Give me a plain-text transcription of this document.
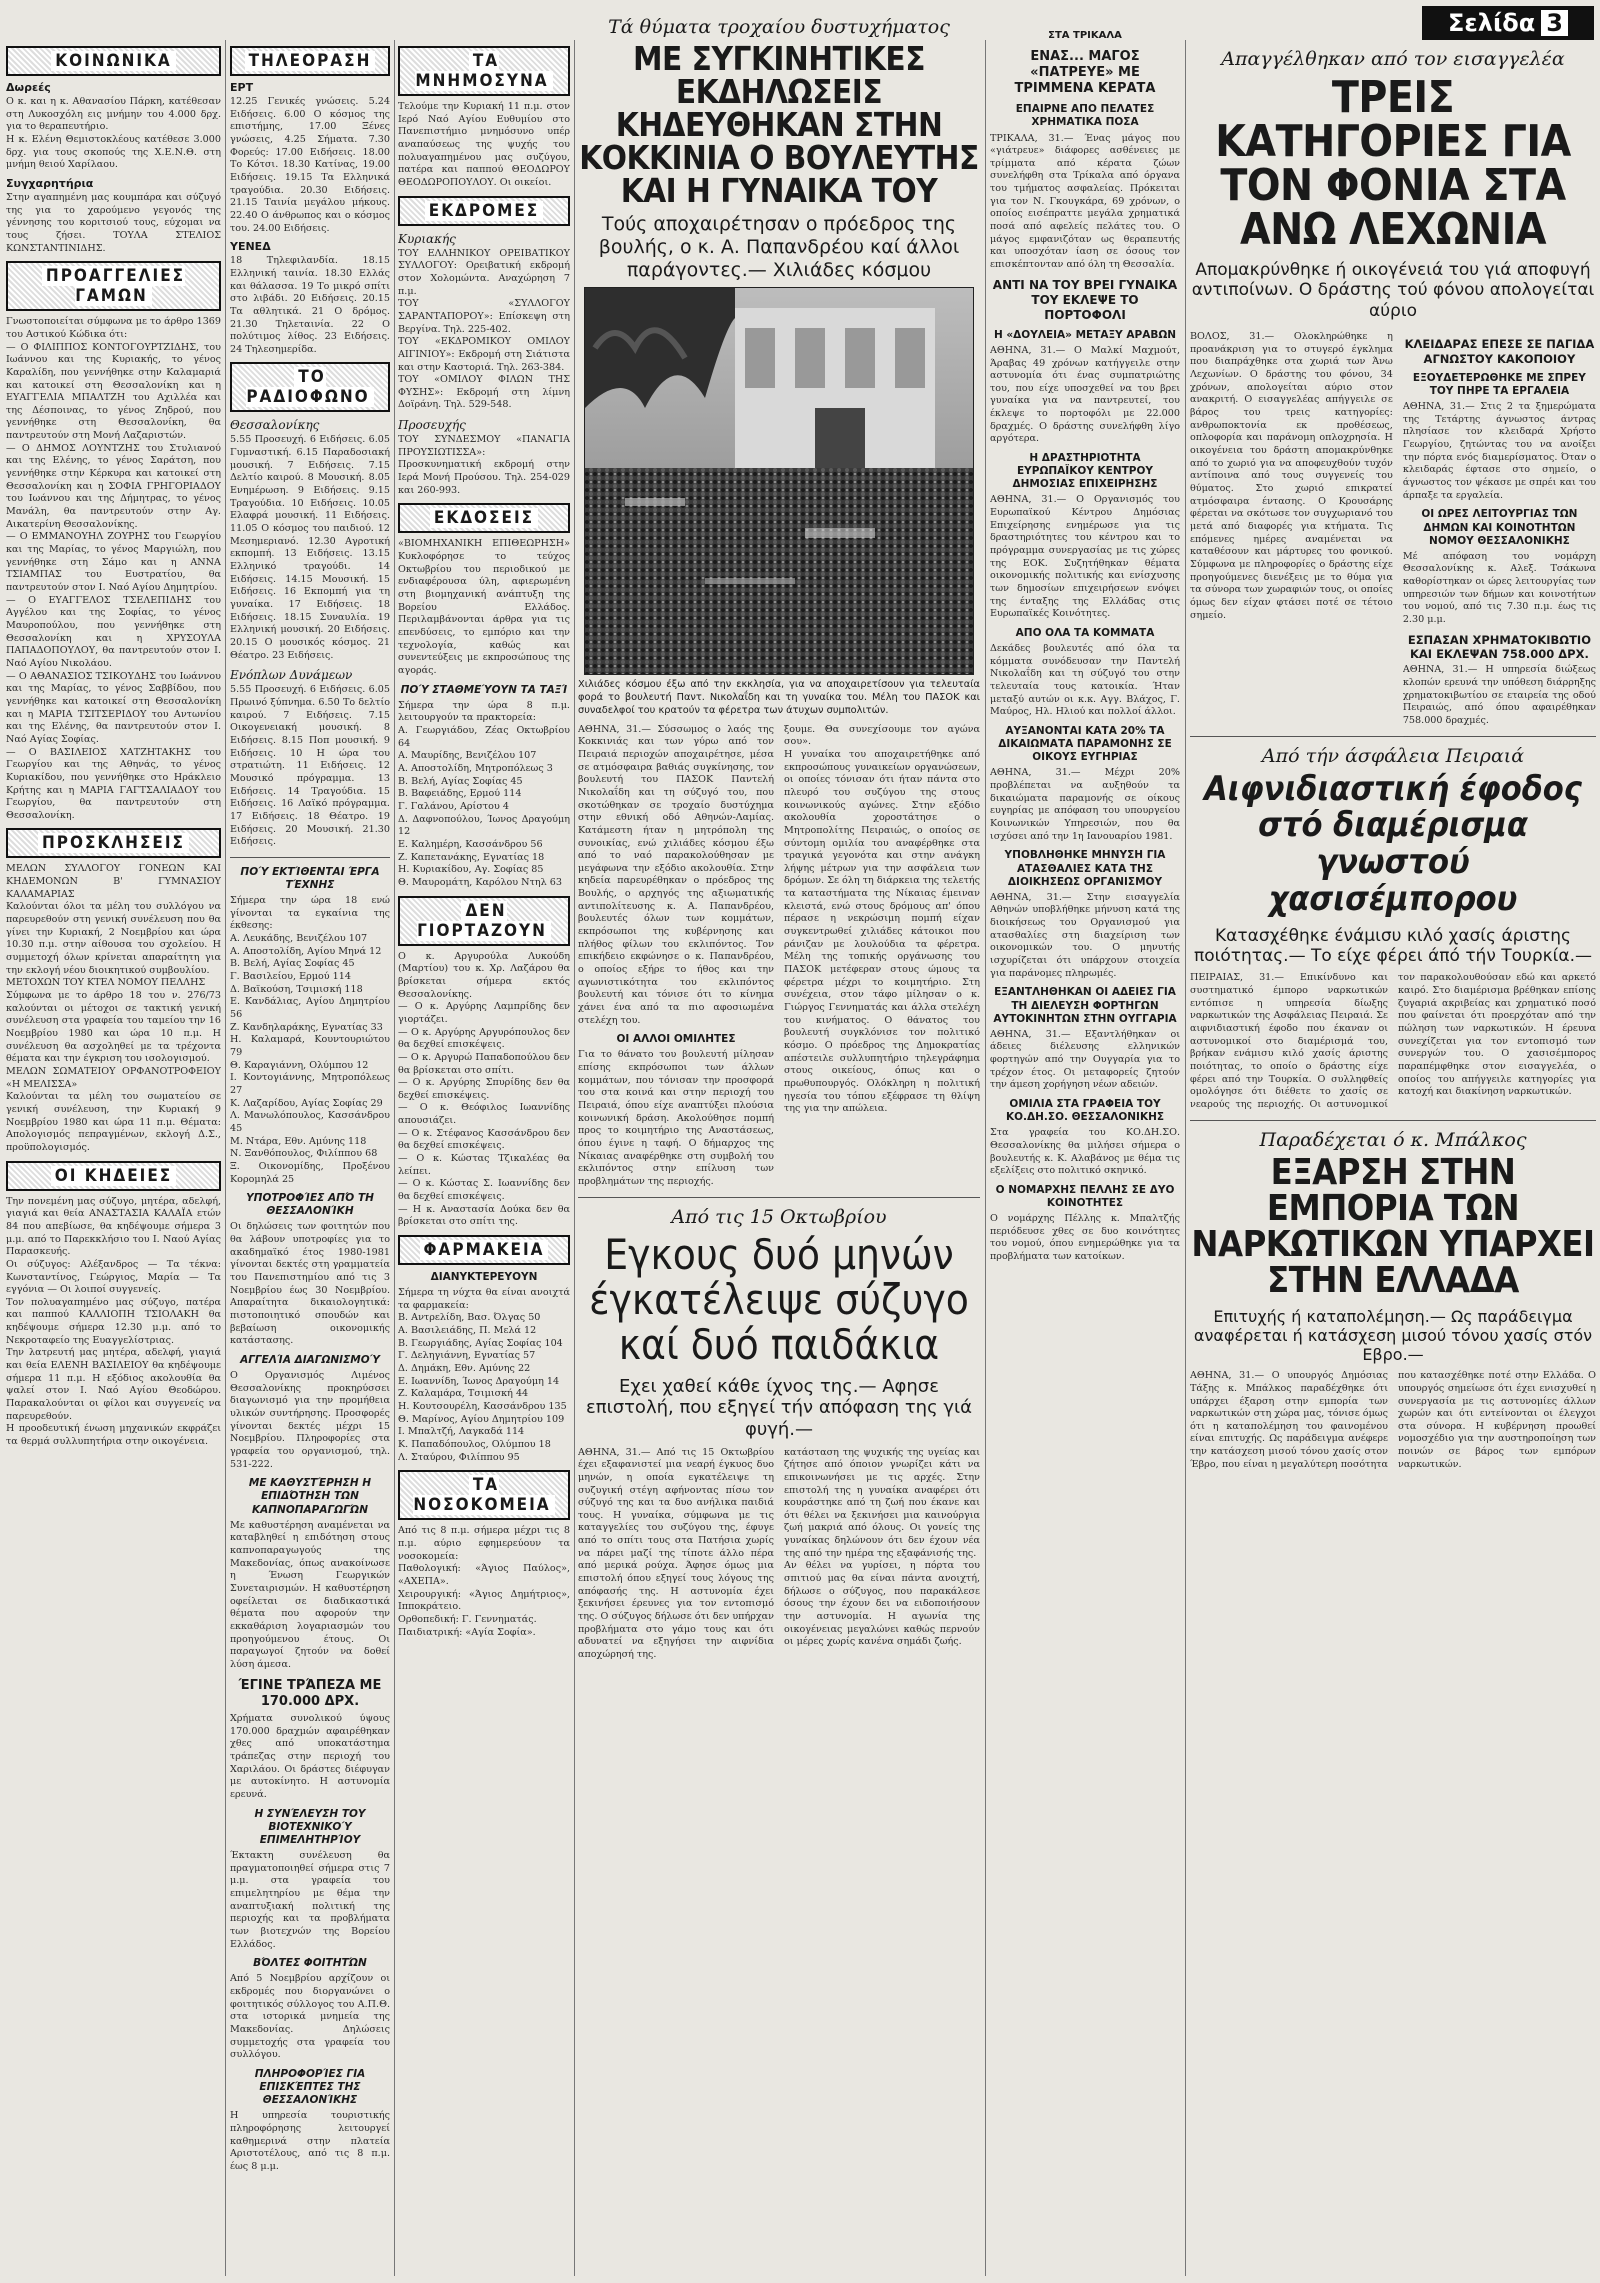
Σελίδα 3
ΚΟΙΝΩΝΙΚΑ
Δωρεές
Ο κ. και η κ. Αθανασίου Πάρκη, κατέθεσαν στη Λυκοσχόλη εις μνήμην του 4.000 δρχ. για το θεραπευτήριο.
Η κ. Ελένη Θεμιστοκλέους κατέθεσε 3.000 δρχ. για τους σκοπούς της Χ.Ε.Ν.Θ. στη μνήμη θειού Χαρίλαου.
Συγχαρητήρια
Στην αγαπημένη μας κουμπάρα και σύζυγό της για το χαρούμενο γεγονός της γέννησης του κοριτσιού τους, εύχομαι να τους ζήσει. ΤΟΥΛΑ ΣΤΕΛΙΟΣ ΚΩΝΣΤΑΝΤΙΝΙΔΗΣ.
ΠΡΟΑΓΓΕΛΙΕΣ ΓΑΜΩΝ
Γνωστοποιείται σύμφωνα με το άρθρο 1369 του Αστικού Κώδικα ότι:
— Ο ΦΙΛΙΠΠΟΣ ΚΟΝΤΟΓΟΥΡΤΖΙΔΗΣ, του Ιωάννου και της Κυριακής, το γένος Καραλίδη, που γεννήθηκε στην Καλαμαριά και κατοικεί στη Θεσσαλονίκη και η ΕΥΑΓΓΕΛΙΑ ΜΠΑΛΤΖΗ του Αχιλλέα και της Δέσποινας, το γένος Ζηδρού, που γεννήθηκε στη Θεσσαλονίκη, θα παντρευτούν στη Μονή Λαζαριστών.
— Ο ΔΗΜΟΣ ΛΟΥΝΤΖΗΣ του Στυλιανού και της Ελένης, το γένος Σαράτση, που γεννήθηκε στην Κέρκυρα και κατοικεί στη Θεσσαλονίκη και η ΣΟΦΙΑ ΓΡΗΓΟΡΙΑΔΟΥ του Ιωάννου και της Δήμητρας, το γένος Μανάλη, θα παντρευτούν στην Αγ. Αικατερίνη Θεσσαλονίκης.
— Ο ΕΜΜΑΝΟΥΗΛ ΖΟΥΡΗΣ του Γεωργίου και της Μαρίας, το γένος Μαργιώλη, που γεννήθηκε στη Σάμο και η ΑΝΝΑ ΤΣΙΑΜΠΑΣ του Ευστρατίου, θα παντρευτούν στον Ι. Ναό Αγίου Δημητρίου.
— Ο ΕΥΑΓΓΕΛΟΣ ΤΣΕΛΕΠΙΔΗΣ του Αγγέλου και της Σοφίας, το γένος Μαυροπούλου, που γεννήθηκε στη Θεσσαλονίκη και η ΧΡΥΣΟΥΛΑ ΠΑΠΑΔΟΠΟΥΛΟΥ, θα παντρευτούν στον Ι. Ναό Αγίου Νικολάου.
— Ο ΑΘΑΝΑΣΙΟΣ ΤΣΙΚΟΥΔΗΣ του Ιωάννου και της Μαρίας, το γένος Σαββίδου, που γεννήθηκε και κατοικεί στη Θεσσαλονίκη και η ΜΑΡΙΑ ΤΣΙΤΣΕΡΙΔΟΥ του Αντωνίου και της Ελένης, θα παντρευτούν στον Ι. Ναό Αγίας Σοφίας.
— Ο ΒΑΣΙΛΕΙΟΣ ΧΑΤΖΗΤΑΚΗΣ του Γεωργίου και της Αθηνάς, το γένος Κυριακίδου, που γεννήθηκε στο Ηράκλειο Κρήτης και η ΜΑΡΙΑ ΓΑΓΤΣΑΛΙΑΔΟΥ του Γεωργίου, θα παντρευτούν στη Θεσσαλονίκη.
ΠΡΟΣΚΛΗΣΕΙΣ
ΜΕΛΩΝ ΣΥΛΛΟΓΟΥ ΓΟΝΕΩΝ ΚΑΙ ΚΗΔΕΜΟΝΩΝ Β' ΓΥΜΝΑΣΙΟΥ ΚΑΛΑΜΑΡΙΑΣ
Καλούνται όλοι τα μέλη του συλλόγου να παρευρεθούν στη γενική συνέλευση που θα γίνει την Κυριακή, 2 Νοεμβρίου και ώρα 10.30 π.μ. στην αίθουσα του σχολείου. Η συμμετοχή όλων κρίνεται απαραίτητη για την εκλογή νέου διοικητικού συμβουλίου.
ΜΕΤΟΧΩΝ ΤΟΥ ΚΤΕΛ ΝΟΜΟΥ ΠΕΛΛΗΣ
Σύμφωνα με το άρθρο 18 του ν. 276/73 καλούνται οι μέτοχοι σε τακτική γενική συνέλευση στα γραφεία του ταμείου την 16 Νοεμβρίου 1980 και ώρα 10 π.μ. Η συνέλευση θα ασχοληθεί με τα τρέχοντα θέματα και την έγκριση του ισολογισμού.
ΜΕΛΩΝ ΣΩΜΑΤΕΙΟΥ ΟΡΦΑΝΟΤΡΟΦΕΙΟΥ «Η ΜΕΛΙΣΣΑ»
Καλούνται τα μέλη του σωματείου σε γενική συνέλευση, την Κυριακή 9 Νοεμβρίου 1980 και ώρα 11 π.μ. Θέματα: Απολογισμός πεπραγμένων, εκλογή Δ.Σ., προϋπολογισμός.
ΟΙ ΚΗΔΕΙΕΣ
Την πονεμένη μας σύζυγο, μητέρα, αδελφή, γιαγιά και θεία ΑΝΑΣΤΑΣΙΑ ΚΑΛΑΪΑ ετών 84 που απεβίωσε, θα κηδέψουμε σήμερα 3 μ.μ. από το Παρεκκλήσιο του Ι. Ναού Αγίας Παρασκευής.
Οι σύζυγος: Αλέξανδρος — Τα τέκνα: Κωνσταντίνος, Γεώργιος, Μαρία — Τα εγγόνια — Οι λοιποί συγγενείς.
Τον πολυαγαπημένο μας σύζυγο, πατέρα και παππού ΚΑΛΛΙΟΠΗ ΤΣΙΟΛΑΚΗ θα κηδέψουμε σήμερα 12.30 μ.μ. από το Νεκροταφείο της Ευαγγελίστριας.
Την λατρευτή μας μητέρα, αδελφή, γιαγιά και θεία ΕΛΕΝΗ ΒΑΣΙΛΕΙΟΥ θα κηδέψουμε σήμερα 11 π.μ. Η εξόδιος ακολουθία θα ψαλεί στον Ι. Ναό Αγίου Θεοδώρου. Παρακαλούνται οι φίλοι και συγγενείς να παρευρεθούν.
Η προοδευτική ένωση μηχανικών εκφράζει τα θερμά συλλυπητήρια στην οικογένεια.
ΤΗΛΕΟΡΑΣΗ
ΕΡΤ
12.25 Γενικές γνώσεις. 5.24 Ειδήσεις. 6.00 Ο κόσμος της επιστήμης, 17.00 Ξένες γνώσεις, 4.25 Σήματα. 7.30 Φορεύς: 17.00 Ειδήσεις. 18.00 Το Κότσι. 18.30 Κατίνας, 19.00 Ειδήσεις. 19.15 Τα Ελληνικά τραγούδια. 20.30 Ειδήσεις. 21.15 Ταινία μεγάλου μήκους. 22.40 Ο άνθρωπος και ο κόσμος του. 24.00 Ειδήσεις.
ΥΕΝΕΔ
18 Τηλεφιλανδία. 18.15 Ελληνική ταινία. 18.30 Ελλάς και θάλασσα. 19 Το μικρό σπίτι στο λιβάδι. 20 Ειδήσεις. 20.15 Τα αθλητικά. 21 Ο δρόμος. 21.30 Τηλεταινία. 22 Ο πολύτιμος λίθος. 23 Ειδήσεις. 24 Τηλεσημερίδα.
ΤΟ ΡΑΔΙΟΦΩΝΟ
Θεσσαλονίκης
5.55 Προσευχή. 6 Ειδήσεις. 6.05 Γυμναστική. 6.15 Παραδοσιακή μουσική. 7 Ειδήσεις. 7.15 Δελτίο καιρού. 8 Μουσική. 8.05 Ενημέρωση. 9 Ειδήσεις. 9.15 Τραγούδια. 10 Ειδήσεις. 10.05 Ελαφρά μουσική. 11 Ειδήσεις. 11.05 Ο κόσμος του παιδιού. 12 Μεσημεριανό. 12.30 Αγροτική εκπομπή. 13 Ειδήσεις. 13.15 Ελληνικό τραγούδι. 14 Ειδήσεις. 14.15 Μουσική. 15 Ειδήσεις. 16 Εκπομπή για τη γυναίκα. 17 Ειδήσεις. 18 Ειδήσεις. 18.15 Συναυλία. 19 Ελληνική μουσική. 20 Ειδήσεις. 20.15 Ο μουσικός κόσμος. 21 Θέατρο. 23 Ειδήσεις.
Ενόπλων Δυνάμεων
5.55 Προσευχή. 6 Ειδήσεις. 6.05 Πρωινό ξύπνημα. 6.50 Το δελτίο καιρού. 7 Ειδήσεις. 7.15 Οικογενειακή μουσική. 8 Ειδήσεις. 8.15 Ποπ μουσική. 9 Ειδήσεις. 10 Η ώρα του στρατιώτη. 11 Ειδήσεις. 12 Μουσικό πρόγραμμα. 13 Ειδήσεις. 14 Τραγούδια. 15 Ειδήσεις. 16 Λαϊκό πρόγραμμα. 17 Ειδήσεις. 18 Θέατρο. 19 Ειδήσεις. 20 Μουσική. 21.30 Ειδήσεις.
ΠΟΎ ΕΚΤΊΘΕΝΤΑΙ ΈΡΓΑ ΤΈΧΝΗΣ
Σήμερα την ώρα 18 ενώ γίνονται τα εγκαίνια της έκθεσης:
Α. Λευκάδης, Βενιζέλου 107
Α. Αποστολίδη, Αγίου Μηνά 12
Β. Βελή, Αγίας Σοφίας 45
Γ. Βασιλείου, Ερμού 114
Δ. Βαϊκούση, Τσιμισκή 118
Ε. Κανδάλιας, Αγίου Δημητρίου 56
Ζ. Κανδηλαράκης, Εγνατίας 33
Η. Καλαμαρά, Κουντουριώτου 79
Θ. Καραγιάννη, Ολύμπου 12
Ι. Κοντογιάννης, Μητροπόλεως 27
Κ. Λαζαρίδου, Αγίας Σοφίας 29
Λ. Μανωλόπουλος, Κασσάνδρου 45
Μ. Ντάρα, Εθν. Αμύνης 118
Ν. Ξανθόπουλος, Φιλίππου 68
Ξ. Οικονομίδης, Προξένου Κορομηλά 25
ΥΠΟΤΡΟΦΊΕΣ ΑΠΌ ΤΗ ΘΕΣΣΑΛΟΝΊΚΗ
Οι δηλώσεις των φοιτητών που θα λάβουν υποτροφίες για το ακαδημαϊκό έτος 1980-1981 γίνονται δεκτές στη γραμματεία του Πανεπιστημίου από τις 3 Νοεμβρίου έως 30 Νοεμβρίου. Απαραίτητα δικαιολογητικά: πιστοποιητικό σπουδών και βεβαίωση οικονομικής κατάστασης.
ΑΓΓΕΛΊΑ ΔΙΑΓΩΝΙΣΜΟΎ
Ο Οργανισμός Λιμένος Θεσσαλονίκης προκηρύσσει διαγωνισμό για την προμήθεια υλικών συντήρησης. Προσφορές γίνονται δεκτές μέχρι 15 Νοεμβρίου. Πληροφορίες στα γραφεία του οργανισμού, τηλ. 531-222.
ΜΕ ΚΑΘΥΣΤΈΡΗΣΗ Η ΕΠΙΔΌΤΗΣΗ ΤΩΝ ΚΑΠΝΟΠΑΡΑΓΩΓΏΝ
Με καθυστέρηση αναμένεται να καταβληθεί η επιδότηση στους καπνοπαραγωγούς της Μακεδονίας, όπως ανακοίνωσε η Ένωση Γεωργικών Συνεταιρισμών. Η καθυστέρηση οφείλεται σε διαδικαστικά θέματα που αφορούν την εκκαθάριση λογαριασμών του προηγούμενου έτους. Οι παραγωγοί ζητούν να δοθεί λύση άμεσα.
ΈΓΙΝΕ ΤΡΆΠΕΖΑ ΜΕ 170.000 ΔΡΧ.
Χρήματα συνολικού ύψους 170.000 δραχμών αφαιρέθηκαν χθες από υποκατάστημα τράπεζας στην περιοχή του Χαριλάου. Οι δράστες διέφυγαν με αυτοκίνητο. Η αστυνομία ερευνά.
Η ΣΥΝΈΛΕΥΣΗ ΤΟΥ ΒΙΟΤΕΧΝΙΚΟΎ ΕΠΙΜΕΛΗΤΗΡΊΟΥ
Έκτακτη συνέλευση θα πραγματοποιηθεί σήμερα στις 7 μ.μ. στα γραφεία του επιμελητηρίου με θέμα την αναπτυξιακή πολιτική της περιοχής και τα προβλήματα των βιοτεχνών της Βορείου Ελλάδος.
ΒΌΛΤΕΣ ΦΟΙΤΗΤΏΝ
Από 5 Νοεμβρίου αρχίζουν οι εκδρομές που διοργανώνει ο φοιτητικός σύλλογος του Α.Π.Θ. στα ιστορικά μνημεία της Μακεδονίας. Δηλώσεις συμμετοχής στα γραφεία του συλλόγου.
ΠΛΗΡΟΦΟΡΊΕΣ ΓΙΑ ΕΠΙΣΚΈΠΤΕΣ ΤΗΣ ΘΕΣΣΑΛΟΝΊΚΗΣ
Η υπηρεσία τουριστικής πληροφόρησης λειτουργεί καθημερινά στην πλατεία Αριστοτέλους, από τις 8 π.μ. έως 8 μ.μ.
ΤΑ ΜΝΗΜΟΣΥΝΑ
Τελούμε την Κυριακή 11 π.μ. στον Ιερό Ναό Αγίου Ευθυμίου στο Πανεπιστήμιο μνημόσυνο υπέρ αναπαύσεως της ψυχής του πολυαγαπημένου μας συζύγου, πατέρα και παππού ΘΕΟΔΩΡΟΥ ΘΕΟΔΩΡΟΠΟΥΛΟΥ. Οι οικείοι.
ΕΚΔΡΟΜΕΣ
Κυριακής
ΤΟΥ ΕΛΛΗΝΙΚΟΥ ΟΡΕΙΒΑΤΙΚΟΥ ΣΥΛΛΟΓΟΥ: Ορειβατική εκδρομή στον Χολομώντα. Αναχώρηση 7 π.μ.
ΤΟΥ «ΣΥΛΛΟΓΟΥ ΣΑΡΑΝΤΑΠΟΡΟΥ»: Επίσκεψη στη Βεργίνα. Τηλ. 225-402.
ΤΟΥ «ΕΚΔΡΟΜΙΚΟΥ ΟΜΙΛΟΥ ΑΙΓΙΝΙΟΥ»: Εκδρομή στη Σιάτιστα και στην Καστοριά. Τηλ. 263-384.
ΤΟΥ «ΟΜΙΛΟΥ ΦΙΛΩΝ ΤΗΣ ΦΥΣΗΣ»: Εκδρομή στη λίμνη Δοϊράνη. Τηλ. 529-548.
Προσευχής
ΤΟΥ ΣΥΝΔΕΣΜΟΥ «ΠΑΝΑΓΙΑ ΠΡΟΥΣΙΩΤΙΣΣΑ»: Προσκυνηματική εκδρομή στην Ιερά Μονή Προύσου. Τηλ. 254-029 και 260-993.
ΕΚΔΟΣΕΙΣ
«ΒΙΟΜΗΧΑΝΙΚΗ ΕΠΙΘΕΩΡΗΣΗ» Κυκλοφόρησε το τεύχος Οκτωβρίου του περιοδικού με ενδιαφέρουσα ύλη, αφιερωμένη στη βιομηχανική ανάπτυξη της Βορείου Ελλάδος. Περιλαμβάνονται άρθρα για τις επενδύσεις, το εμπόριο και την τεχνολογία, καθώς και συνεντεύξεις με εκπροσώπους της αγοράς.
ΠΟΎ ΣΤΑΘΜΕΎΟΥΝ ΤΑ ΤΑΞΊ
Σήμερα την ώρα 8 π.μ. λειτουργούν τα πρακτορεία:
Α. Γεωργιάδου, Ζέας Οκτωβρίου 64
Α. Μαυρίδης, Βενιζέλου 107
Α. Αποστολίδη, Μητροπόλεως 3
Β. Βελή, Αγίας Σοφίας 45
Β. Βαφειάδης, Ερμού 114
Γ. Γαλάνου, Αρίστου 4
Δ. Δαφνοπούλου, Ίωνος Δραγούμη 12
Ε. Καλημέρη, Κασσάνδρου 56
Ζ. Καπετανάκης, Εγνατίας 18
Η. Κυριακίδου, Αγ. Σοφίας 85
Θ. Μαυρομάτη, Καρόλου Ντηλ 63
ΔΕΝ ΓΙΟΡΤΑΖΟΥΝ
Ο κ. Αργυρούλα Λυκούδη (Μαρτίου) του κ. Χρ. Λαζάρου θα βρίσκεται σήμερα εκτός Θεσσαλονίκης.
— Ο κ. Αργύρης Λαμπρίδης δεν γιορτάζει.
— Ο κ. Αργύρης Αργυρόπουλος δεν θα δεχθεί επισκέψεις.
— Ο κ. Αργυρώ Παπαδοπούλου δεν θα βρίσκεται στο σπίτι.
— Ο κ. Αργύρης Σπυρίδης δεν θα δεχθεί επισκέψεις.
— Ο κ. Θεόφιλος Ιωαννίδης απουσιάζει.
— Ο κ. Στέφανος Κασσάνδρου δεν θα δεχθεί επισκέψεις.
— Ο κ. Κώστας Τζικαλέας θα λείπει.
— Ο κ. Κώστας Σ. Ιωαννίδης δεν θα δεχθεί επισκέψεις.
— Η κ. Αναστασία Δούκα δεν θα βρίσκεται στο σπίτι της.
ΦΑΡΜΑΚΕΙΑ
ΔΙΑΝΥΚΤΕΡΕΥΟΥΝ
Σήμερα τη νύχτα θα είναι ανοιχτά τα φαρμακεία:
Β. Αντρελίδη, Βασ. Όλγας 50
Α. Βασιλειάδης, Π. Μελά 12
Β. Γεωργιάδης, Αγίας Σοφίας 104
Γ. Δεληγιάννη, Εγνατίας 57
Δ. Δημάκη, Εθν. Αμύνης 22
Ε. Ιωαννίδη, Ίωνος Δραγούμη 14
Ζ. Καλαμάρα, Τσιμισκή 44
Η. Κουτσουρέλη, Κασσάνδρου 135
Θ. Μαρίνος, Αγίου Δημητρίου 109
Ι. Μπαλτζή, Λαγκαδά 114
Κ. Παπαδόπουλος, Ολύμπου 18
Λ. Σταύρου, Φιλίππου 95
ΤΑ ΝΟΣΟΚΟΜΕΙΑ
Από τις 8 π.μ. σήμερα μέχρι τις 8 π.μ. αύριο εφημερεύουν τα νοσοκομεία:
Παθολογική: «Άγιος Παύλος», «ΑΧΕΠΑ».
Χειρουργική: «Άγιος Δημήτριος», Ιπποκράτειο.
Ορθοπεδική: Γ. Γεννηματάς.
Παιδιατρική: «Αγία Σοφία».
Τά θύματα τροχαίου δυστυχήματος
ΜΕ ΣΥΓΚΙΝΗΤΙΚΕΣ ΕΚΔΗΛΩΣΕΙΣ ΚΗΔΕΥΘΗΚΑΝ ΣΤΗΝ ΚΟΚΚΙΝΙΑ Ο ΒΟΥΛΕΥΤΗΣ ΚΑΙ Η ΓΥΝΑΙΚΑ ΤΟΥ
Τούς αποχαιρέτησαν ο πρόεδρος της βουλής, ο κ. Α. Παπανδρέου καί άλλοι παράγοντες.— Χιλιάδες κόσμου
Χιλιάδες κόσμου έξω από την εκκλησία, για να αποχαιρετίσουν για τελευταία φορά το βουλευτή Παντ. Νικολαΐδη και τη γυναίκα του. Μέλη του ΠΑΣΟΚ και συναδελφοί του κρατούν τα φέρετρα των άτυχων συμπολιτών.
ΑΘΗΝΑ, 31.— Σύσσωμος ο λαός της Κοκκινιάς και των γύρω από τον Πειραιά περιοχών αποχαιρέτησε, μέσα σε ατμόσφαιρα βαθιάς συγκίνησης, τον βουλευτή του ΠΑΣΟΚ Παντελή Νικολαΐδη και τη σύζυγό του, που σκοτώθηκαν σε τροχαίο δυστύχημα στην εθνική οδό Αθηνών-Λαμίας. Κατάμεστη ήταν η μητρόπολη της συνοικίας, ενώ χιλιάδες κόσμου έξω από το ναό παρακολούθησαν με μεγάφωνα την εξόδιο ακολουθία. Στην κηδεία παρευρέθηκαν ο πρόεδρος της Βουλής, ο αρχηγός της αξιωματικής αντιπολίτευσης κ. Α. Παπανδρέου, βουλευτές όλων των κομμάτων, εκπρόσωποι της κυβέρνησης και πλήθος φίλων του εκλιπόντος. Τον επικήδειο εκφώνησε ο κ. Παπανδρέου, ο οποίος εξήρε το ήθος και την αγωνιστικότητα του εκλιπόντος βουλευτή και τόνισε ότι το κίνημα χάνει ένα από τα πιο αφοσιωμένα στελέχη του.
ΟΙ ΑΛΛΟΙ ΟΜΙΛΗΤΕΣ
Για το θάνατο του βουλευτή μίλησαν επίσης εκπρόσωποι των άλλων κομμάτων, που τόνισαν την προσφορά του στα κοινά και στην περιοχή του Πειραιά, όπου είχε αναπτύξει πλούσια κοινωνική δράση. Ακολούθησε πομπή προς το κοιμητήριο της Αναστάσεως, όπου έγινε η ταφή. Ο δήμαρχος της Νίκαιας αναφέρθηκε στη συμβολή του εκλιπόντος στην επίλυση των προβλημάτων της περιοχής.
ξουμε. Θα συνεχίσουμε τον αγώνα σου».
Η γυναίκα του αποχαιρετήθηκε από εκπροσώπους γυναικείων οργανώσεων, οι οποίες τόνισαν ότι ήταν πάντα στο πλευρό του συζύγου της στους κοινωνικούς αγώνες. Στην εξόδιο ακολουθία χοροστάτησε ο Μητροπολίτης Πειραιώς, ο οποίος σε σύντομη ομιλία του αναφέρθηκε στα τραγικά γεγονότα και στην ανάγκη λήψης μέτρων για την ασφάλεια των δρόμων. Σε όλη τη διάρκεια της τελετής τα καταστήματα της Νίκαιας έμειναν κλειστά, ενώ στους δρόμους απ' όπου πέρασε η νεκρώσιμη πομπή είχαν συγκεντρωθεί χιλιάδες κάτοικοι που ράνιζαν με λουλούδια τα φέρετρα. Μέλη της τοπικής οργάνωσης του ΠΑΣΟΚ μετέφεραν στους ώμους τα φέρετρα μέχρι το κοιμητήριο. Στη συνέχεια, στον τάφο μίλησαν ο κ. Γιώργος Γεννηματάς και άλλα στελέχη του κινήματος. Ο θάνατος του βουλευτή συγκλόνισε τον πολιτικό κόσμο. Ο πρόεδρος της Δημοκρατίας απέστειλε συλλυπητήριο τηλεγράφημα στους οικείους, όπως και ο πρωθυπουργός. Ολόκληρη η πολιτική ηγεσία του τόπου εξέφρασε τη θλίψη της για την απώλεια.
Από τις 15 Οκτωβρίου
Εγκους δυό μηνών έγκατέλειψε σύζυγο καί δυό παιδάκια
Εχει χαθεί κάθε ίχνος της.— Αφησε επιστολή, που εξηγεί τήν απόφαση της γιά φυγή.—
ΑΘΗΝΑ, 31.— Από τις 15 Οκτωβρίου έχει εξαφανιστεί μια νεαρή έγκυος δυο μηνών, η οποία εγκατέλειψε τη συζυγική στέγη αφήνοντας πίσω τον σύζυγό της και τα δυο ανήλικα παιδιά τους. Η γυναίκα, σύμφωνα με τις καταγγελίες του συζύγου της, έφυγε από το σπίτι τους στα Πατήσια χωρίς να πάρει μαζί της τίποτε άλλο πέρα από μερικά ρούχα. Άφησε όμως μια επιστολή όπου εξηγεί τους λόγους της απόφασής της. Η αστυνομία έχει ξεκινήσει έρευνες για τον εντοπισμό της. Ο σύζυγος δήλωσε ότι δεν υπήρχαν προβλήματα στο γάμο τους και ότι αδυνατεί να εξηγήσει την αιφνίδια αποχώρησή της.
κατάσταση της ψυχικής της υγείας και ζήτησε από όποιον γνωρίζει κάτι να επικοινωνήσει με τις αρχές. Στην επιστολή της η γυναίκα αναφέρει ότι κουράστηκε από τη ζωή που έκανε και ότι θέλει να ξεκινήσει μια καινούργια ζωή μακριά από όλους. Οι γονείς της γυναίκας δηλώνουν ότι δεν έχουν νέα της από την ημέρα της εξαφάνισής της.
Αν θέλει να γυρίσει, η πόρτα του σπιτιού μας θα είναι πάντα ανοιχτή, δήλωσε ο σύζυγος, που παρακάλεσε όσους την έχουν δει να ειδοποιήσουν την αστυνομία. Η αγωνία της οικογένειας μεγαλώνει καθώς περνούν οι μέρες χωρίς κανένα σημάδι ζωής.
ΣΤΑ ΤΡΙΚΑΛΑ
ΕΝΑΣ... ΜΑΓΟΣ «ΠΑΤΡΕΥΕ» ΜΕ ΤΡΙΜΜΕΝΑ ΚΕΡΑΤΑ
ΕΠΑΙΡΝΕ ΑΠΟ ΠΕΛΑΤΕΣ ΧΡΗΜΑΤΙΚΑ ΠΟΣΑ
ΤΡΙΚΑΛΑ, 31.— Ένας μάγος που «γιάτρευε» διάφορες ασθένειες με τρίμματα από κέρατα ζώων συνελήφθη στα Τρίκαλα από όργανα του τμήματος ασφαλείας. Πρόκειται για τον Ν. Γκουγκάρα, 69 χρόνων, ο οποίος εισέπραττε μεγάλα χρηματικά ποσά από αφελείς πελάτες του. Ο μάγος εμφανιζόταν ως θεραπευτής και υποσχόταν ίαση σε όσους τον επισκέπτονταν από όλη τη Θεσσαλία.
ΑΝΤΙ ΝΑ ΤΟΥ ΒΡΕΙ ΓΥΝΑΙΚΑ ΤΟΥ ΕΚΛΕΨΕ ΤΟ ΠΟΡΤΟΦΟΛΙ
Η «ΔΟΥΛΕΙΑ» ΜΕΤΑΞΥ ΑΡΑΒΩΝ
ΑΘΗΝΑ, 31.— Ο Μαλκί Μαχμούτ, Άραβας 49 χρόνων κατήγγειλε στην αστυνομία ότι ένας συμπατριώτης του, που είχε υποσχεθεί να του βρει γυναίκα για να παντρευτεί, του έκλεψε το πορτοφόλι με 22.000 δραχμές. Ο δράστης συνελήφθη λίγο αργότερα.
Η ΔΡΑΣΤΗΡΙΟΤΗΤΑ ΕΥΡΩΠΑΪΚΟΥ ΚΕΝΤΡΟΥ ΔΗΜΟΣΙΑΣ ΕΠΙΧΕΙΡΗΣΗΣ
ΑΘΗΝΑ, 31.— Ο Οργανισμός του Ευρωπαϊκού Κέντρου Δημόσιας Επιχείρησης ενημέρωσε για τις δραστηριότητες του κέντρου και το πρόγραμμα συνεργασίας με τις χώρες της ΕΟΚ. Συζητήθηκαν θέματα οικονομικής πολιτικής και ενίσχυσης των δημοσίων επιχειρήσεων ενόψει της ένταξης της Ελλάδας στις Ευρωπαϊκές Κοινότητες.
ΑΠΟ ΟΛΑ ΤΑ ΚΟΜΜΑΤΑ
Δεκάδες βουλευτές από όλα τα κόμματα συνόδευσαν την Παντελή Νικολαΐδη και τη σύζυγό του στην τελευταία τους κατοικία. Ήταν μεταξύ αυτών οι κ.κ. Αγγ. Βλάχος, Γ. Μαύρος, Ηλ. Ηλιού και πολλοί άλλοι.
ΑΥΞΑΝΟΝΤΑΙ ΚΑΤΑ 20% ΤΑ ΔΙΚΑΙΩΜΑΤΑ ΠΑΡΑΜΟΝΗΣ ΣΕ ΟΙΚΟΥΣ ΕΥΓΗΡΙΑΣ
ΑΘΗΝΑ, 31.— Μέχρι 20% προβλέπεται να αυξηθούν τα δικαιώματα παραμονής σε οίκους ευγηρίας με απόφαση του υπουργείου Κοινωνικών Υπηρεσιών, που θα ισχύσει από την 1η Ιανουαρίου 1981.
ΥΠΟΒΛΗΘΗΚΕ ΜΗΝΥΣΗ ΓΙΑ ΑΤΑΣΘΑΛΙΕΣ ΚΑΤΑ ΤΗΣ ΔΙΟΙΚΗΣΕΩΣ ΟΡΓΑΝΙΣΜΟΥ
ΑΘΗΝΑ, 31.— Στην εισαγγελία Αθηνών υποβλήθηκε μήνυση κατά της διοικήσεως του Οργανισμού για ατασθαλίες στη διαχείριση των οικονομικών του. Ο μηνυτής ισχυρίζεται ότι υπάρχουν στοιχεία για παράνομες πληρωμές.
ΕΞΑΝΤΛΗΘΗΚΑΝ ΟΙ ΑΔΕΙΕΣ ΓΙΑ ΤΗ ΔΙΕΛΕΥΣΗ ΦΟΡΤΗΓΩΝ ΑΥΤΟΚΙΝΗΤΩΝ ΣΤΗΝ ΟΥΓΓΑΡΙΑ
ΑΘΗΝΑ, 31.— Εξαντλήθηκαν οι άδειες διέλευσης ελληνικών φορτηγών από την Ουγγαρία για το τρέχον έτος. Οι μεταφορείς ζητούν την άμεση χορήγηση νέων αδειών.
ΟΜΙΛΙΑ ΣΤΑ ΓΡΑΦΕΙΑ ΤΟΥ ΚΟ.ΔΗ.ΣΟ. ΘΕΣΣΑΛΟΝΙΚΗΣ
Στα γραφεία του ΚΟ.ΔΗ.ΣΟ. Θεσσαλονίκης θα μιλήσει σήμερα ο βουλευτής κ. Κ. Αλαβάνος με θέμα τις εξελίξεις στο πολιτικό σκηνικό.
Ο ΝΟΜΑΡΧΗΣ ΠΕΛΛΗΣ ΣΕ ΔΥΟ ΚΟΙΝΟΤΗΤΕΣ
Ο νομάρχης Πέλλης κ. Μπαλτζής περιόδευσε χθες σε δυο κοινότητες του νομού, όπου ενημερώθηκε για τα προβλήματα των κατοίκων.
Απαγγέλθηκαν από τον εισαγγελέα
ΤΡΕΙΣ ΚΑΤΗΓΟΡΙΕΣ ΓΙΑ ΤΟΝ ΦΟΝΙΑ ΣΤΑ ΑΝΩ ΛΕΧΩΝΙΑ
Απομακρύνθηκε ή οικογένειά του γιά αποφυγή αντιποίνων. Ο δράστης τού φόνου απολογείται αύριο
ΒΟΛΟΣ, 31.— Ολοκληρώθηκε η προανάκριση για το στυγερό έγκλημα που διαπράχθηκε στα χωριά των Άνω Λεχωνίων. Ο δράστης του φόνου, 34 χρόνων, απολογείται αύριο στον ανακριτή. Ο εισαγγελέας απήγγειλε σε βάρος του τρεις κατηγορίες: ανθρωποκτονία εκ προθέσεως, οπλοφορία και παράνομη οπλοχρησία. Η οικογένεια του δράστη απομακρύνθηκε από το χωριό για να αποφευχθούν τυχόν αντίποινα από τους συγγενείς του θύματος. Στο χωριό επικρατεί ατμόσφαιρα έντασης. Ο Κρουσάρης φέρεται να σκότωσε τον συγχωριανό του μετά από διαφορές για κτήματα. Τις επόμενες ημέρες αναμένεται να καταθέσουν και μάρτυρες του φονικού. Σύμφωνα με πληροφορίες ο δράστης είχε προηγούμενες διενέξεις με το θύμα για τα σύνορα των χωραφιών τους, οι οποίες όμως δεν είχαν φτάσει ποτέ σε τέτοιο σημείο.
ΚΛΕΙΔΑΡΑΣ ΕΠΕΣΕ ΣΕ ΠΑΓΙΔΑ ΑΓΝΩΣΤΟΥ ΚΑΚΟΠΟΙΟΥ
ΕΞΟΥΔΕΤΕΡΩΘΗΚΕ ΜΕ ΣΠΡΕΥ ΤΟΥ ΠΗΡΕ ΤΑ ΕΡΓΑΛΕΙΑ
ΑΘΗΝΑ, 31.— Στις 2 τα ξημερώματα της Τετάρτης άγνωστος άντρας πλησίασε τον κλειδαρά Χρήστο Γεωργίου, ζητώντας του να ανοίξει την πόρτα ενός διαμερίσματος. Όταν ο κλειδαράς έφτασε στο σημείο, ο άγνωστος τον ψέκασε με σπρέι και του άρπαξε τα εργαλεία.
ΟΙ ΩΡΕΣ ΛΕΙΤΟΥΡΓΙΑΣ ΤΩΝ ΔΗΜΩΝ ΚΑΙ ΚΟΙΝΟΤΗΤΩΝ ΝΟΜΟΥ ΘΕΣΣΑΛΟΝΙΚΗΣ
Μέ απόφαση του νομάρχη Θεσσαλονίκης κ. Αλεξ. Τσάκωνα καθορίστηκαν οι ώρες λειτουργίας των υπηρεσιών των δήμων και κοινοτήτων του νομού, από τις 7.30 π.μ. έως τις 2.30 μ.μ.
ΕΣΠΑΣΑΝ ΧΡΗΜΑΤΟΚΙΒΩΤΙΟ ΚΑΙ ΕΚΛΕΨΑΝ 758.000 ΔΡΧ.
ΑΘΗΝΑ, 31.— Η υπηρεσία διώξεως κλοπών ερευνά την υπόθεση διάρρηξης χρηματοκιβωτίου σε εταιρεία της οδού Πειραιώς, από όπου αφαιρέθηκαν 758.000 δραχμές.
Από τήν άσφάλεια Πειραιά
Αιφνιδιαστική έφοδος στό διαμέρισμα γνωστού χασισέμπορου
Κατασχέθηκε ένάμισυ κιλό χασίς άριστης ποιότητας.— Το είχε φέρει άπό τήν Τουρκία.—
ΠΕΙΡΑΙΑΣ, 31.— Επικίνδυνο και συστηματικό έμπορο ναρκωτικών εντόπισε η υπηρεσία δίωξης ναρκωτικών της Ασφάλειας Πειραιά. Σε αιφνιδιαστική έφοδο που έκαναν οι αστυνομικοί στο διαμέρισμά του, βρήκαν ενάμισυ κιλό χασίς άριστης ποιότητας, το οποίο ο δράστης είχε φέρει από την Τουρκία. Ο συλληφθείς ομολόγησε ότι διέθετε το χασίς σε νεαρούς της περιοχής. Οι αστυνομικοί τον παρακολουθούσαν εδώ και αρκετό καιρό. Στο διαμέρισμα βρέθηκαν επίσης ζυγαριά ακριβείας και χρηματικό ποσό που φαίνεται ότι προερχόταν από την πώληση των ναρκωτικών. Η έρευνα συνεχίζεται για τον εντοπισμό των συνεργών του. Ο χασισέμπορος παραπέμφθηκε στον εισαγγελέα, ο οποίος του απήγγειλε κατηγορίες για κατοχή και διακίνηση ναρκωτικών.
Παραδέχεται ό κ. Μπάλκος
ΕΞΑΡΣΗ ΣΤΗΝ ΕΜΠΟΡΙΑ ΤΩΝ ΝΑΡΚΩΤΙΚΩΝ ΥΠΑΡΧΕΙ ΣΤΗΝ ΕΛΛΑΔΑ
Επιτυχής ή καταπολέμηση.— Ως παράδειγμα αναφέρεται ή κατάσχεση μισού τόνου χασίς στόν Εβρο.—
ΑΘΗΝΑ, 31.— Ο υπουργός Δημόσιας Τάξης κ. Μπάλκος παραδέχθηκε ότι υπάρχει έξαρση στην εμπορία των ναρκωτικών στη χώρα μας, τόνισε όμως ότι η καταπολέμηση του φαινομένου είναι επιτυχής. Ως παράδειγμα ανέφερε την κατάσχεση μισού τόνου χασίς στον Έβρο, που είναι η μεγαλύτερη ποσότητα που κατασχέθηκε ποτέ στην Ελλάδα. Ο υπουργός σημείωσε ότι έχει ενισχυθεί η συνεργασία με τις αστυνομίες άλλων χωρών και ότι εντείνονται οι έλεγχοι στα σύνορα. Η κυβέρνηση προωθεί νομοσχέδιο για την αυστηροποίηση των ποινών σε βάρος των εμπόρων ναρκωτικών.
